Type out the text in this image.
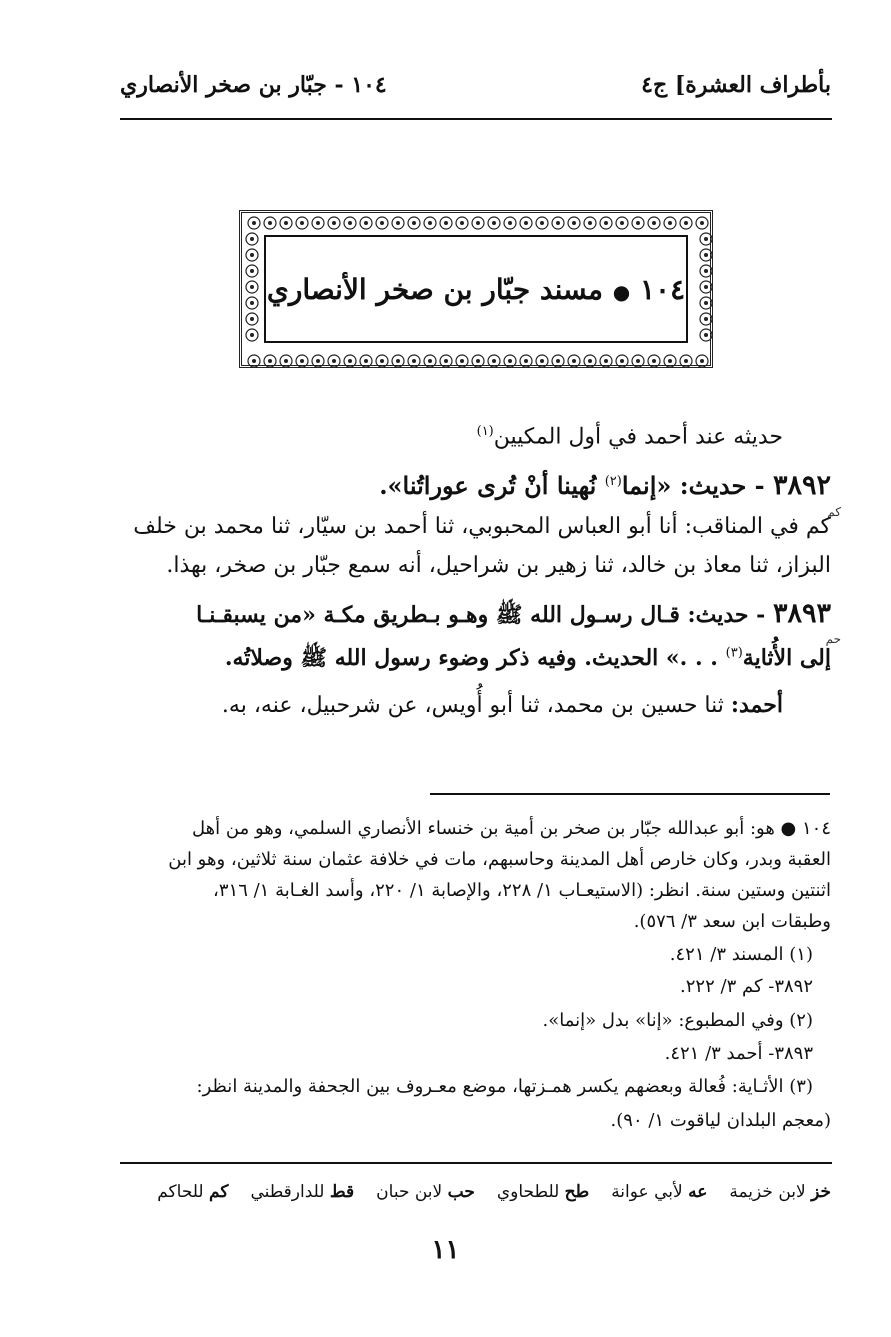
بأطراف العشرة] ج٤
١٠٤ - جبّار بن صخر الأنصاري
١٠٤ ● مسند جبّار بن صخر الأنصاري
حديثه عند أحمد في أول المكيين$^{(١)}$
٣٨٩٢ - حديث: «إنما$^{(٢)}$ نُهينا أنْ تُرى عوراتُنا».
كم
كم في المناقب: أنا أبو العباس المحبوبي، ثنا أحمد بن سيّار، ثنا محمد بن خلف
البزاز، ثنا معاذ بن خالد، ثنا زهير بن شراحيل، أنه سمع جبّار بن صخر، بهذا.
٣٨٩٣ - حديث: قـال رسـول الله ﷺ وهـو بـطريق مكـة «من يسبقـنـا
حم
إلى الأُثاية$^{(٣)}$ . . .» الحديث. وفيه ذكر وضوء رسول الله ﷺ وصلاتُه.
أحمد: ثنا حسين بن محمد، ثنا أبو أُويس، عن شرحبيل، عنه، به.
١٠٤ ● هو: أبو عبدالله جبّار بن صخر بن أمية بن خنساء الأنصاري السلمي، وهو من أهل
العقبة وبدر، وكان خارص أهل المدينة وحاسبهم، مات في خلافة عثمان سنة ثلاثين، وهو ابن
اثنتين وستين سنة. انظر: (الاستيعـاب ١/ ٢٢٨، والإصابة ١/ ٢٢٠، وأسد الغـابة ١/ ٣١٦،
وطبقات ابن سعد ٣/ ٥٧٦).
(١) المسند ٣/ ٤٢١.
٣٨٩٢- كم ٣/ ٢٢٢.
(٢) وفي المطبوع: «إنا» بدل «إنما».
٣٨٩٣- أحمد ٣/ ٤٢١.
(٣) الأثـاية: فُعالة وبعضهم يكسر همـزتها، موضع معـروف بين الجحفة والمدينة انظر:
(معجم البلدان لياقوت ١/ ٩٠).
خز لابن خزيمة
عه لأبي عوانة
طح للطحاوي
حب لابن حبان
قط للدارقطني
كم للحاكم
١١
